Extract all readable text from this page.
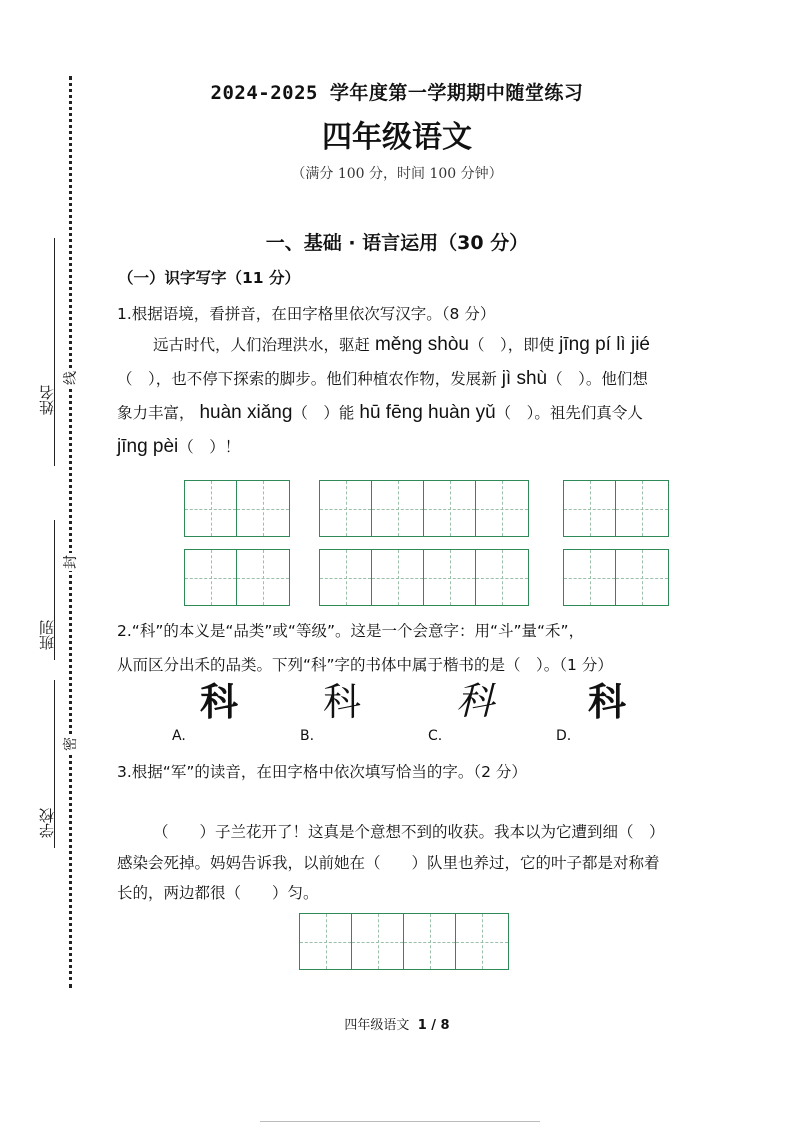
姓名
班别
学校
线
封
密
2024-2025 学年度第一学期期中随堂练习
四年级语文
（满分 100 分，时间 100 分钟）
一、基础 · 语言运用（30 分）
（一）识字写字（11 分）
1.根据语境，看拼音，在田字格里依次写汉字。（8 分）

远古时代，人们治理洪水，驱赶 měng shòu（　），即使 jīng pí lì jié

（　），也不停下探索的脚步。他们种植农作物，发展新 jì shù（　）。他们想

象力丰富， huàn xiǎng（　）能 hū fēng huàn yǔ（　）。祖先们真令人

jīng pèi（　）！

2.“科”的本义是“品类”或“等级”。这是一个会意字：用“斗”量“禾”，

从而区分出禾的品类。下列“科”字的书体中属于楷书的是（　）。（1 分）

科 科 科 科
A.	B.	C.	D.
3.根据“军”的读音，在田字格中依次填写恰当的字。（2 分）

（　　）子兰花开了！这真是个意想不到的收获。我本以为它遭到细（　）

感染会死掉。妈妈告诉我，以前她在（　　）队里也养过，它的叶子都是对称着

长的，两边都很（　　）匀。

四年级语文 1 / 8
